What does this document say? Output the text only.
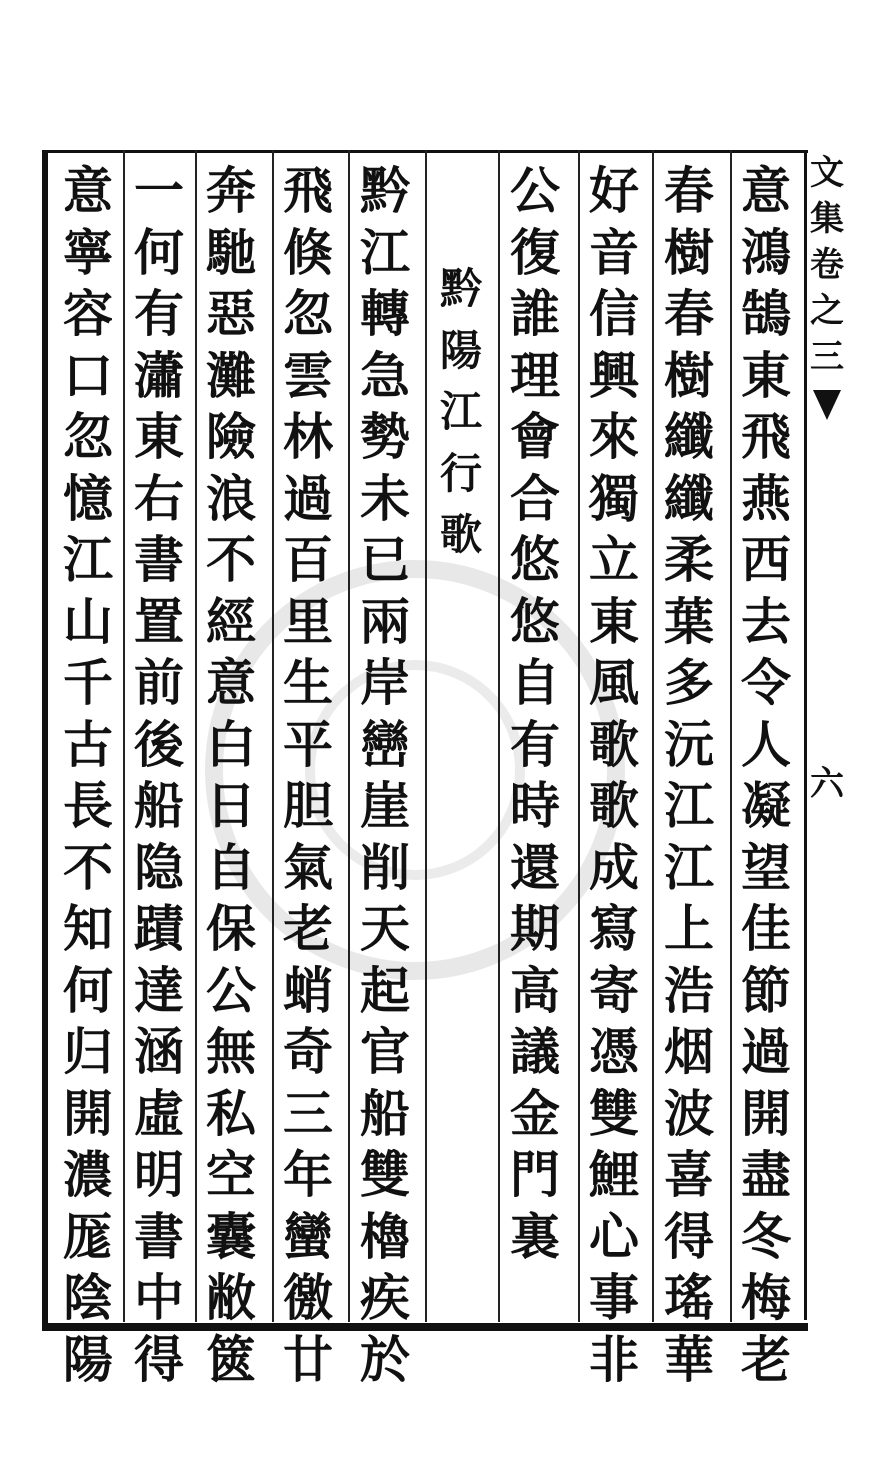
文
集
卷
之
三
六
意
鴻
鵠
東
飛
燕
西
去
令
人
凝
望
佳
節
過
開
盡
冬
梅
老
春
樹
春
樹
纖
纖
柔
葉
多
沅
江
江
上
浩
烟
波
喜
得
瑤
華
好
音
信
興
來
獨
立
東
風
歌
歌
成
寫
寄
憑
雙
鯉
心
事
非
公
復
誰
理
會
合
悠
悠
自
有
時
還
期
高
議
金
門
裏
黔
陽
江
行
歌
黔
江
轉
急
勢
未
已
兩
岸
巒
崖
削
天
起
官
船
雙
櫓
疾
於
飛
倏
忽
雲
林
過
百
里
生
平
胆
氣
老
蛸
奇
三
年
蠻
徼
廿
奔
馳
惡
灘
險
浪
不
經
意
白
日
自
保
公
無
私
空
囊
敝
篋
一
何
有
瀟
東
右
書
置
前
後
船
隐
蹟
達
涵
虛
明
書
中
得
意
寧
容
口
忽
憶
江
山
千
古
長
不
知
何
归
開
濃
厖
陰
陽
